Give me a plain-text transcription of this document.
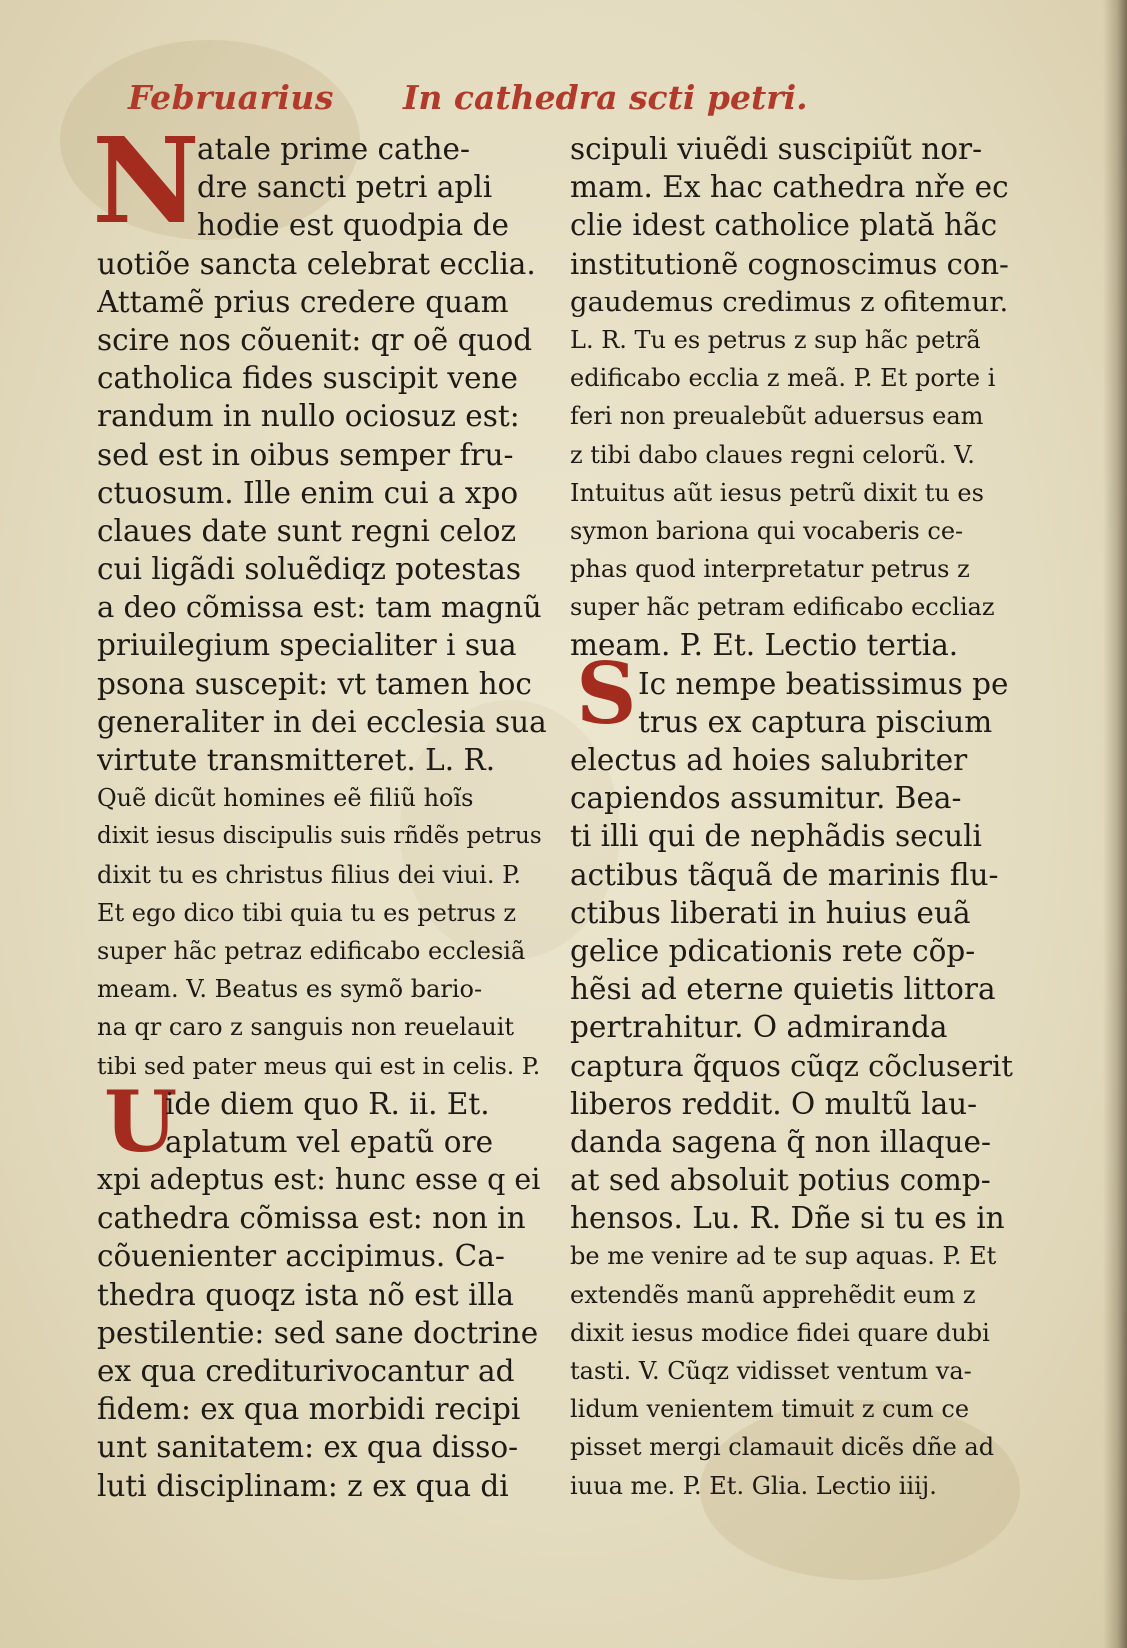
Februarius In cathedra scti petri.
N
U
S
atale prime cathe-
dre sancti petri apli
hodie est quodpia de
uotiõe sancta celebrat ecclia.
Attamẽ prius credere quam
scire nos cõuenit: qr oẽ quod
catholica fides suscipit vene
randum in nullo ociosuz est:
sed est in oibus semper fru-
ctuosum. Ille enim cui a xpo
claues date sunt regni celoz
cui ligãdi soluẽdiqz potestas
a deo cõmissa est: tam magnũ
priuilegium specialiter i sua
psona suscepit: vt tamen hoc
generaliter in dei ecclesia sua
virtute transmitteret. L. R.
Quẽ dicũt homines eẽ filiũ hoĩs
dixit iesus discipulis suis rñdẽs petrus
dixit tu es christus filius dei viui. P.
Et ego dico tibi quia tu es petrus z
super hãc petraz edificabo ecclesiã
meam. V. Beatus es symõ bario-
na qr caro z sanguis non reuelauit
tibi sed pater meus qui est in celis. P.
ide diem quo R. ii. Et.
aplatum vel epatũ ore
xpi adeptus est: hunc esse q ei
cathedra cõmissa est: non in
cõuenienter accipimus. Ca-
thedra quoqz ista nõ est illa
pestilentie: sed sane doctrine
ex qua crediturivocantur ad
fidem: ex qua morbidi recipi
unt sanitatem: ex qua disso-
luti disciplinam: z ex qua di
scipuli viuẽdi suscipiũt nor-
mam. Ex hac cathedra nře ec
clie idest catholice plată hãc
institutionẽ cognoscimus con-
gaudemus credimus z ofitemur.
L. R. Tu es petrus z sup hãc petrã
edificabo ecclia z meã. P. Et porte i
feri non preualebũt aduersus eam
z tibi dabo claues regni celorũ. V.
Intuitus aũt iesus petrũ dixit tu es
symon bariona qui vocaberis ce-
phas quod interpretatur petrus z
super hãc petram edificabo eccliaz
meam. P. Et. Lectio tertia.
Ic nempe beatissimus pe
trus ex captura piscium
electus ad hoies salubriter
capiendos assumitur. Bea-
ti illi qui de nephãdis seculi
actibus tãquã de marinis flu-
ctibus liberati in huius euã
gelice pdicationis rete cõp-
hẽsi ad eterne quietis littora
pertrahitur. O admiranda
captura q̃quos cũqz cõcluserit
liberos reddit. O multũ lau-
danda sagena q̃ non illaque-
at sed absoluit potius comp-
hensos. Lu. R. Dñe si tu es in
be me venire ad te sup aquas. P. Et
extendẽs manũ apprehẽdit eum z
dixit iesus modice fidei quare dubi
tasti. V. Cũqz vidisset ventum va-
lidum venientem timuit z cum ce
pisset mergi clamauit dicẽs dñe ad
iuua me. P. Et. Glia. Lectio iiij.
